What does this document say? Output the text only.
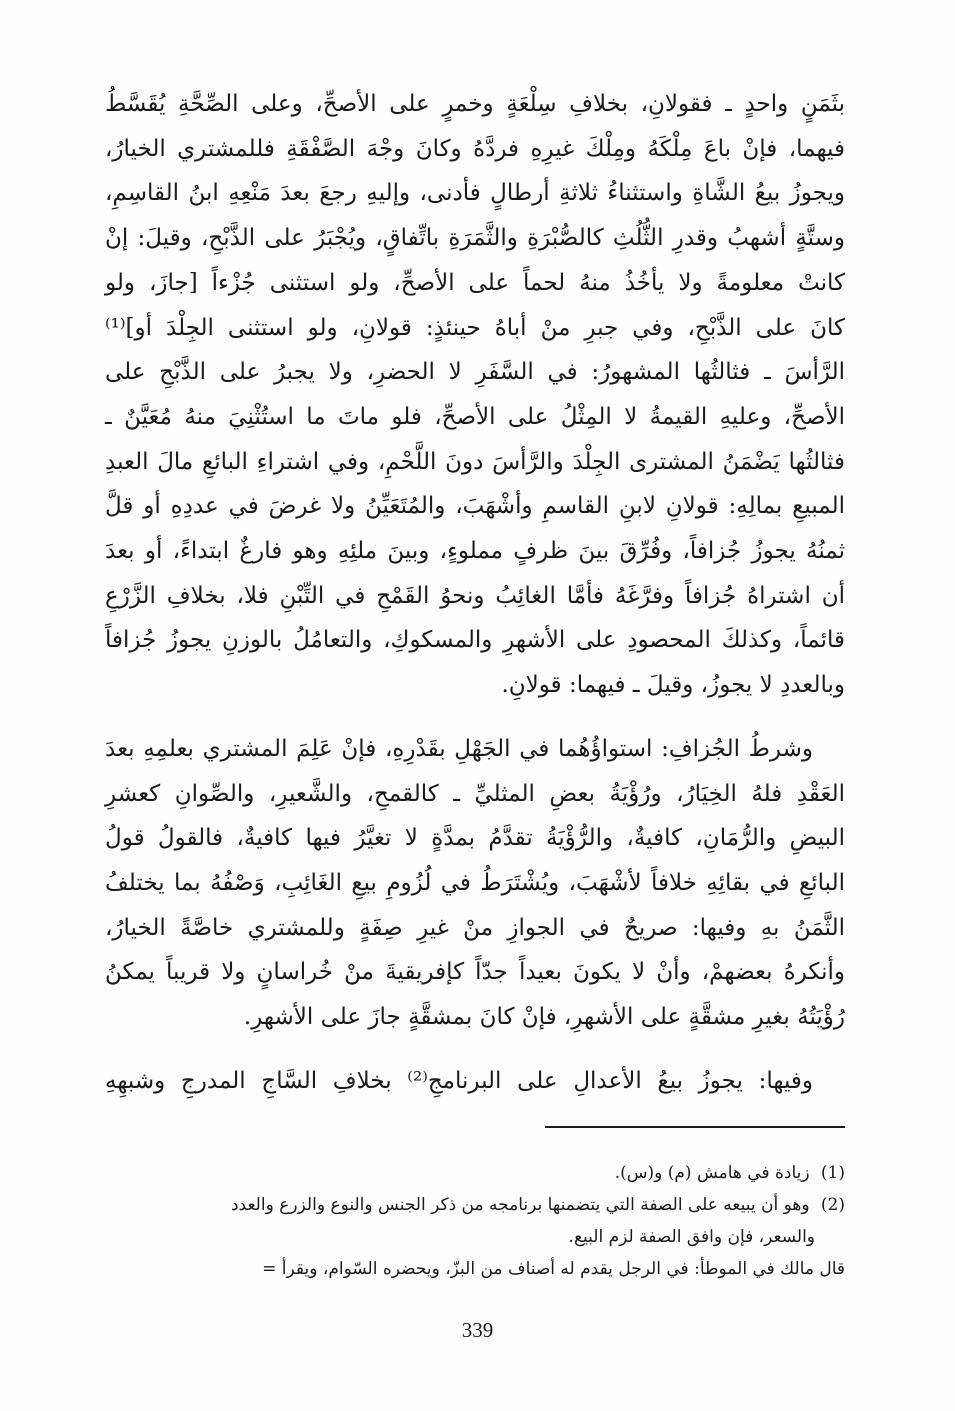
بثَمَنٍ واحدٍ ـ فقولانِ، بخلافِ سِلْعَةٍ وخمرٍ على الأصحِّ، وعلى الصِّحَّةِ يُقَسَّطُ
فيهما، فإنْ باعَ مِلْكَهُ ومِلْكَ غيرِهِ فردَّهُ وكانَ وجْهَ الصَّفْقَةِ فللمشتري الخيارُ،
ويجوزُ بيعُ الشَّاةِ واستثناءُ ثلاثةِ أرطالٍ فأدنى، وإليهِ رجعَ بعدَ مَنْعِهِ ابنُ القاسِمِ،
وستَّةٍ أشهبُ وقدرِ الثُّلُثِ كالصُّبْرَةِ والثَّمَرَةِ باتِّفاقٍ، ويُجْبَرُ على الذَّبْحِ، وقيلَ: إنْ
كانتْ معلومةً ولا يأخُذُ منهُ لحماً على الأصحِّ، ولو استثنى جُزْءاً [جازَ، ولو
كانَ على الذَّبْحِ، وفي جبرِ منْ أباهُ حينئذٍ: قولانِ، ولو استثنى الجِلْدَ أو]⁽¹⁾
الرَّأسَ ـ فثالثُها المشهورُ: في السَّفَرِ لا الحضرِ، ولا يجبرُ على الذَّبْحِ على
الأصحِّ، وعليهِ القيمةُ لا المِثْلُ على الأصحِّ، فلو ماتَ ما استُثْنِيَ منهُ مُعَيَّنٌ ـ
فثالثُها يَضْمَنُ المشترى الجِلْدَ والرَّأسَ دونَ اللَّحْمِ، وفي اشتراءِ البائعِ مالَ العبدِ
المبيعِ بمالِهِ: قولانِ لابنِ القاسمِ وأشْهَبَ، والمُتَعَيِّنُ ولا غرضَ في عددِهِ أو قلَّ
ثمنُهُ يجوزُ جُزافاً، وفُرِّقَ بينَ ظرفٍ مملوءٍ، وبينَ ملئِهِ وهو فارغٌ ابتداءً، أو بعدَ
أن اشتراهُ جُزافاً وفرَّغَهُ فأمَّا الغائِبُ ونحوُ القَمْحِ في التِّبْنِ فلا، بخلافِ الزَّرْعِ
قائماً، وكذلكَ المحصودِ على الأشهرِ والمسكوكِ، والتعامُلُ بالوزنِ يجوزُ جُزافاً
وبالعددِ لا يجوزُ، وقيلَ ـ فيهما: قولانِ.

وشرطُ الجُزافِ: استواؤُهُما في الجَهْلِ بقَدْرِهِ، فإنْ عَلِمَ المشتري بعلمِهِ بعدَ
العَقْدِ فلهُ الخِيَارُ، ورُؤْيَةُ بعضِ المثليِّ ـ كالقمحِ، والشَّعيرِ، والصِّوانِ كعشرِ
البيضِ والرُّمَانِ، كافيةٌ، والرُّؤْيَةُ تقدَّمُ بمدَّةٍ لا تغيَّرُ فيها كافيةٌ، فالقولُ قولُ
البائعِ في بقائِهِ خلافاً لأشْهَبَ، ويُشْتَرَطُ في لُزُومِ بيعِ الغَائِبِ، وَصْفُهُ بما يختلفُ
الثَّمَنُ بهِ وفيها: صريحٌ في الجوازِ منْ غيرِ صِفَةٍ وللمشتري خاصَّةً الخيارُ،
وأنكرهُ بعضهمْ، وأنْ لا يكونَ بعيداً جدّاً كإفريقيةَ منْ خُراسانٍ ولا قريباً يمكنُ
رُؤْيَتُهُ بغيرِ مشقَّةٍ على الأشهرِ، فإنْ كانَ بمشقَّةٍ جازَ على الأشهرِ.

وفيها: يجوزُ بيعُ الأعدالِ على البرنامجِ⁽²⁾ بخلافِ السَّاجِ المدرجِ وشبهِهِ

(1) زيادة في هامش (م) و(س).
(2) وهو أن يبيعه على الصفة التي يتضمنها برنامجه من ذكر الجنس والنوع والزرع والعدد
والسعر، فإن وافق الصفة لزم البيع.
قال مالك في الموطأ: في الرجل يقدم له أصناف من البزّ، ويحضره السّوام، ويقرأ =
339
